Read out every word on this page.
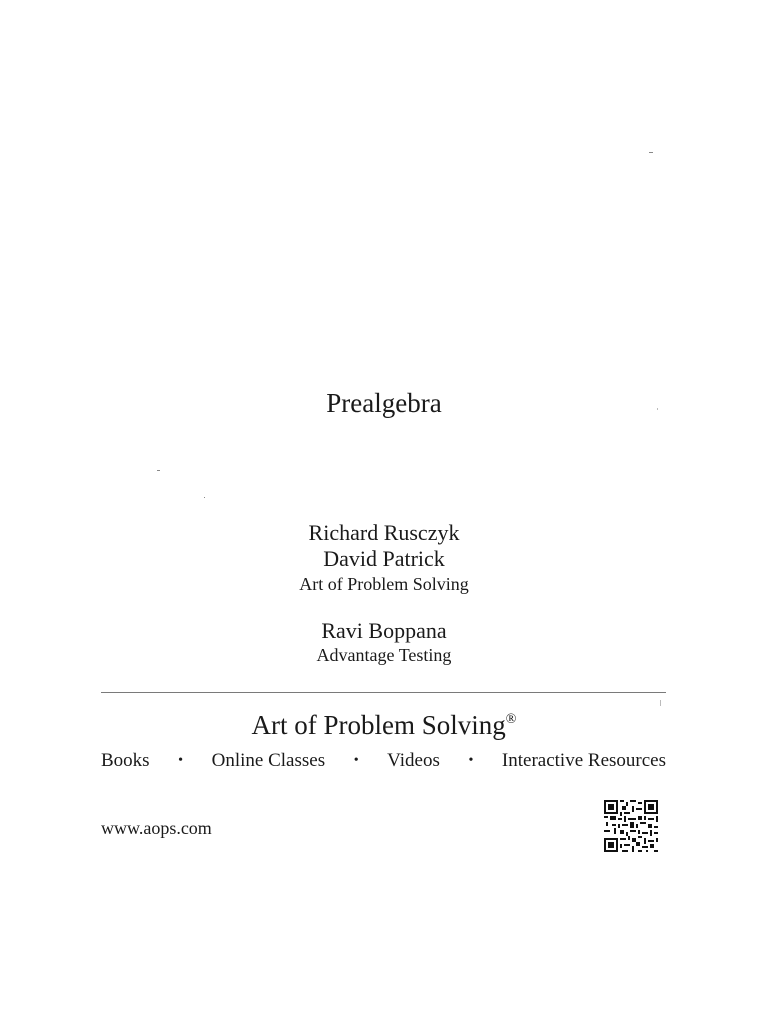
Prealgebra
Richard Rusczyk
David Patrick
Art of Problem Solving
Ravi Boppana
Advantage Testing
Art of Problem Solving®
Books • Online Classes • Videos • Interactive Resources
www.aops.com
